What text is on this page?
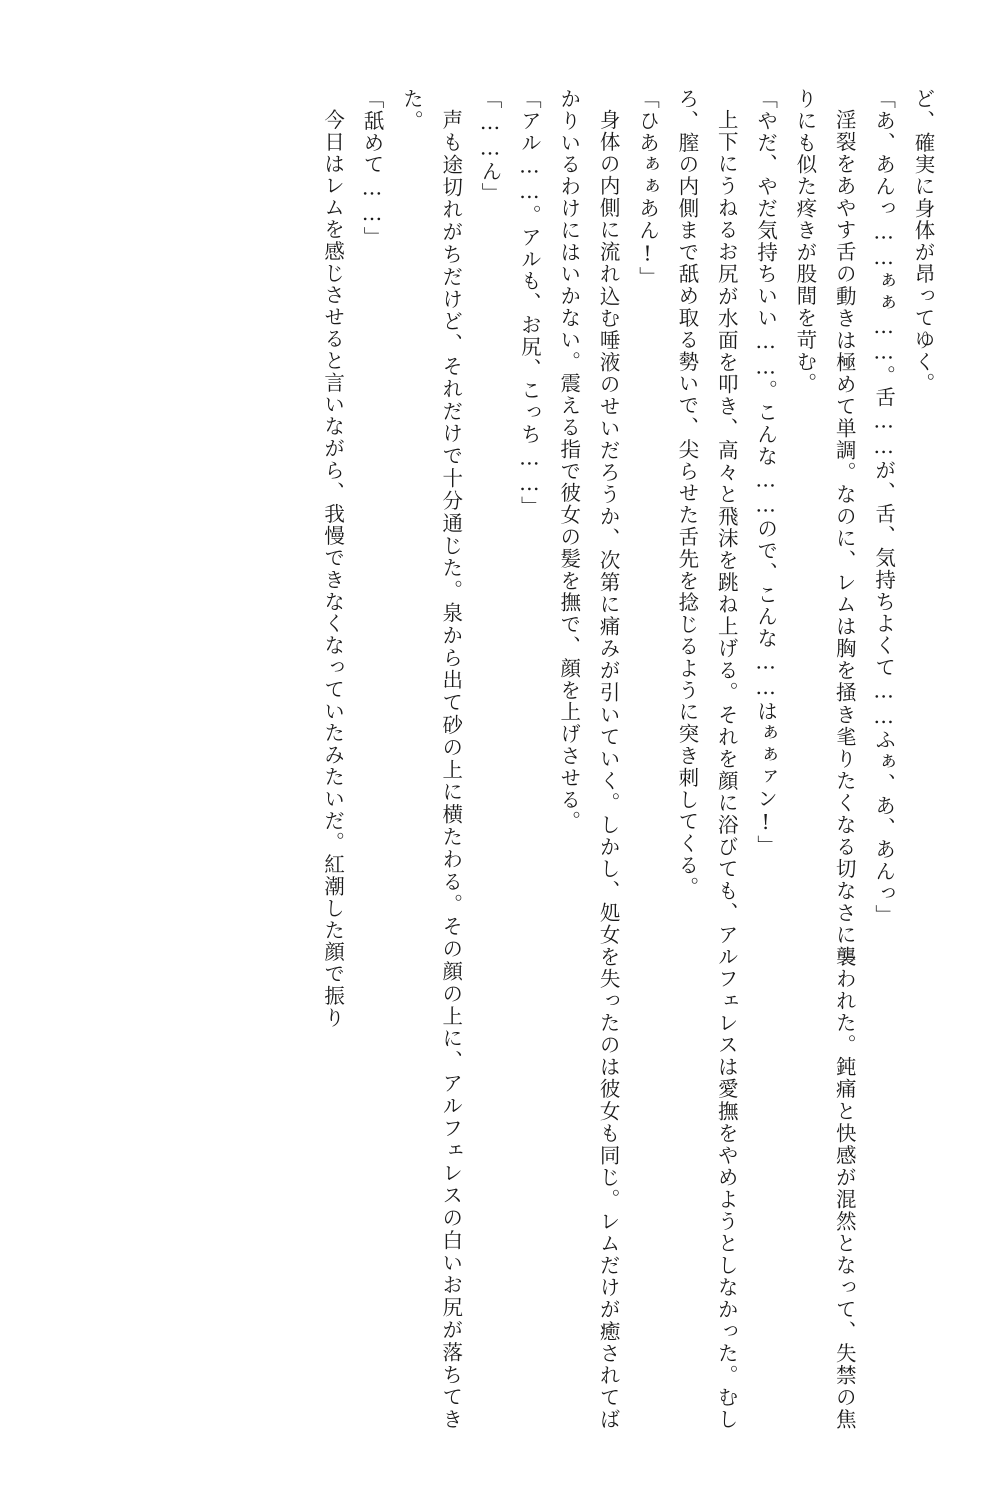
ど、確実に身体が昂ってゆく。

「あ、あんっ……ぁぁ……。舌……が、舌、気持ちよくて……ふぁ、あ、あんっ」

淫裂をあやす舌の動きは極めて単調。なのに、レムは胸を掻き毟りたくなる切なさに襲われた。鈍痛と快感が混然となって、失禁の焦りにも似た疼きが股間を苛む。

「やだ、やだ気持ちいい……。こんな……ので、こんな……はぁぁァン!」

上下にうねるお尻が水面を叩き、高々と飛沫を跳ね上げる。それを顔に浴びても、アルフェレスは愛撫をやめようとしなかった。むしろ、膣の内側まで舐め取る勢いで、尖らせた舌先を捻じるように突き刺してくる。

「ひあぁぁあん!」

身体の内側に流れ込む唾液のせいだろうか、次第に痛みが引いていく。しかし、処女を失ったのは彼女も同じ。レムだけが癒されてばかりいるわけにはいかない。震える指で彼女の髪を撫で、顔を上げさせる。

「アル……。アルも、お尻、こっち……」

「……ん」

声も途切れがちだけど、それだけで十分通じた。泉から出て砂の上に横たわる。その顔の上に、アルフェレスの白いお尻が落ちてきた。

「舐めて……」

今日はレムを感じさせると言いながら、我慢できなくなっていたみたいだ。紅潮した顔で振り
